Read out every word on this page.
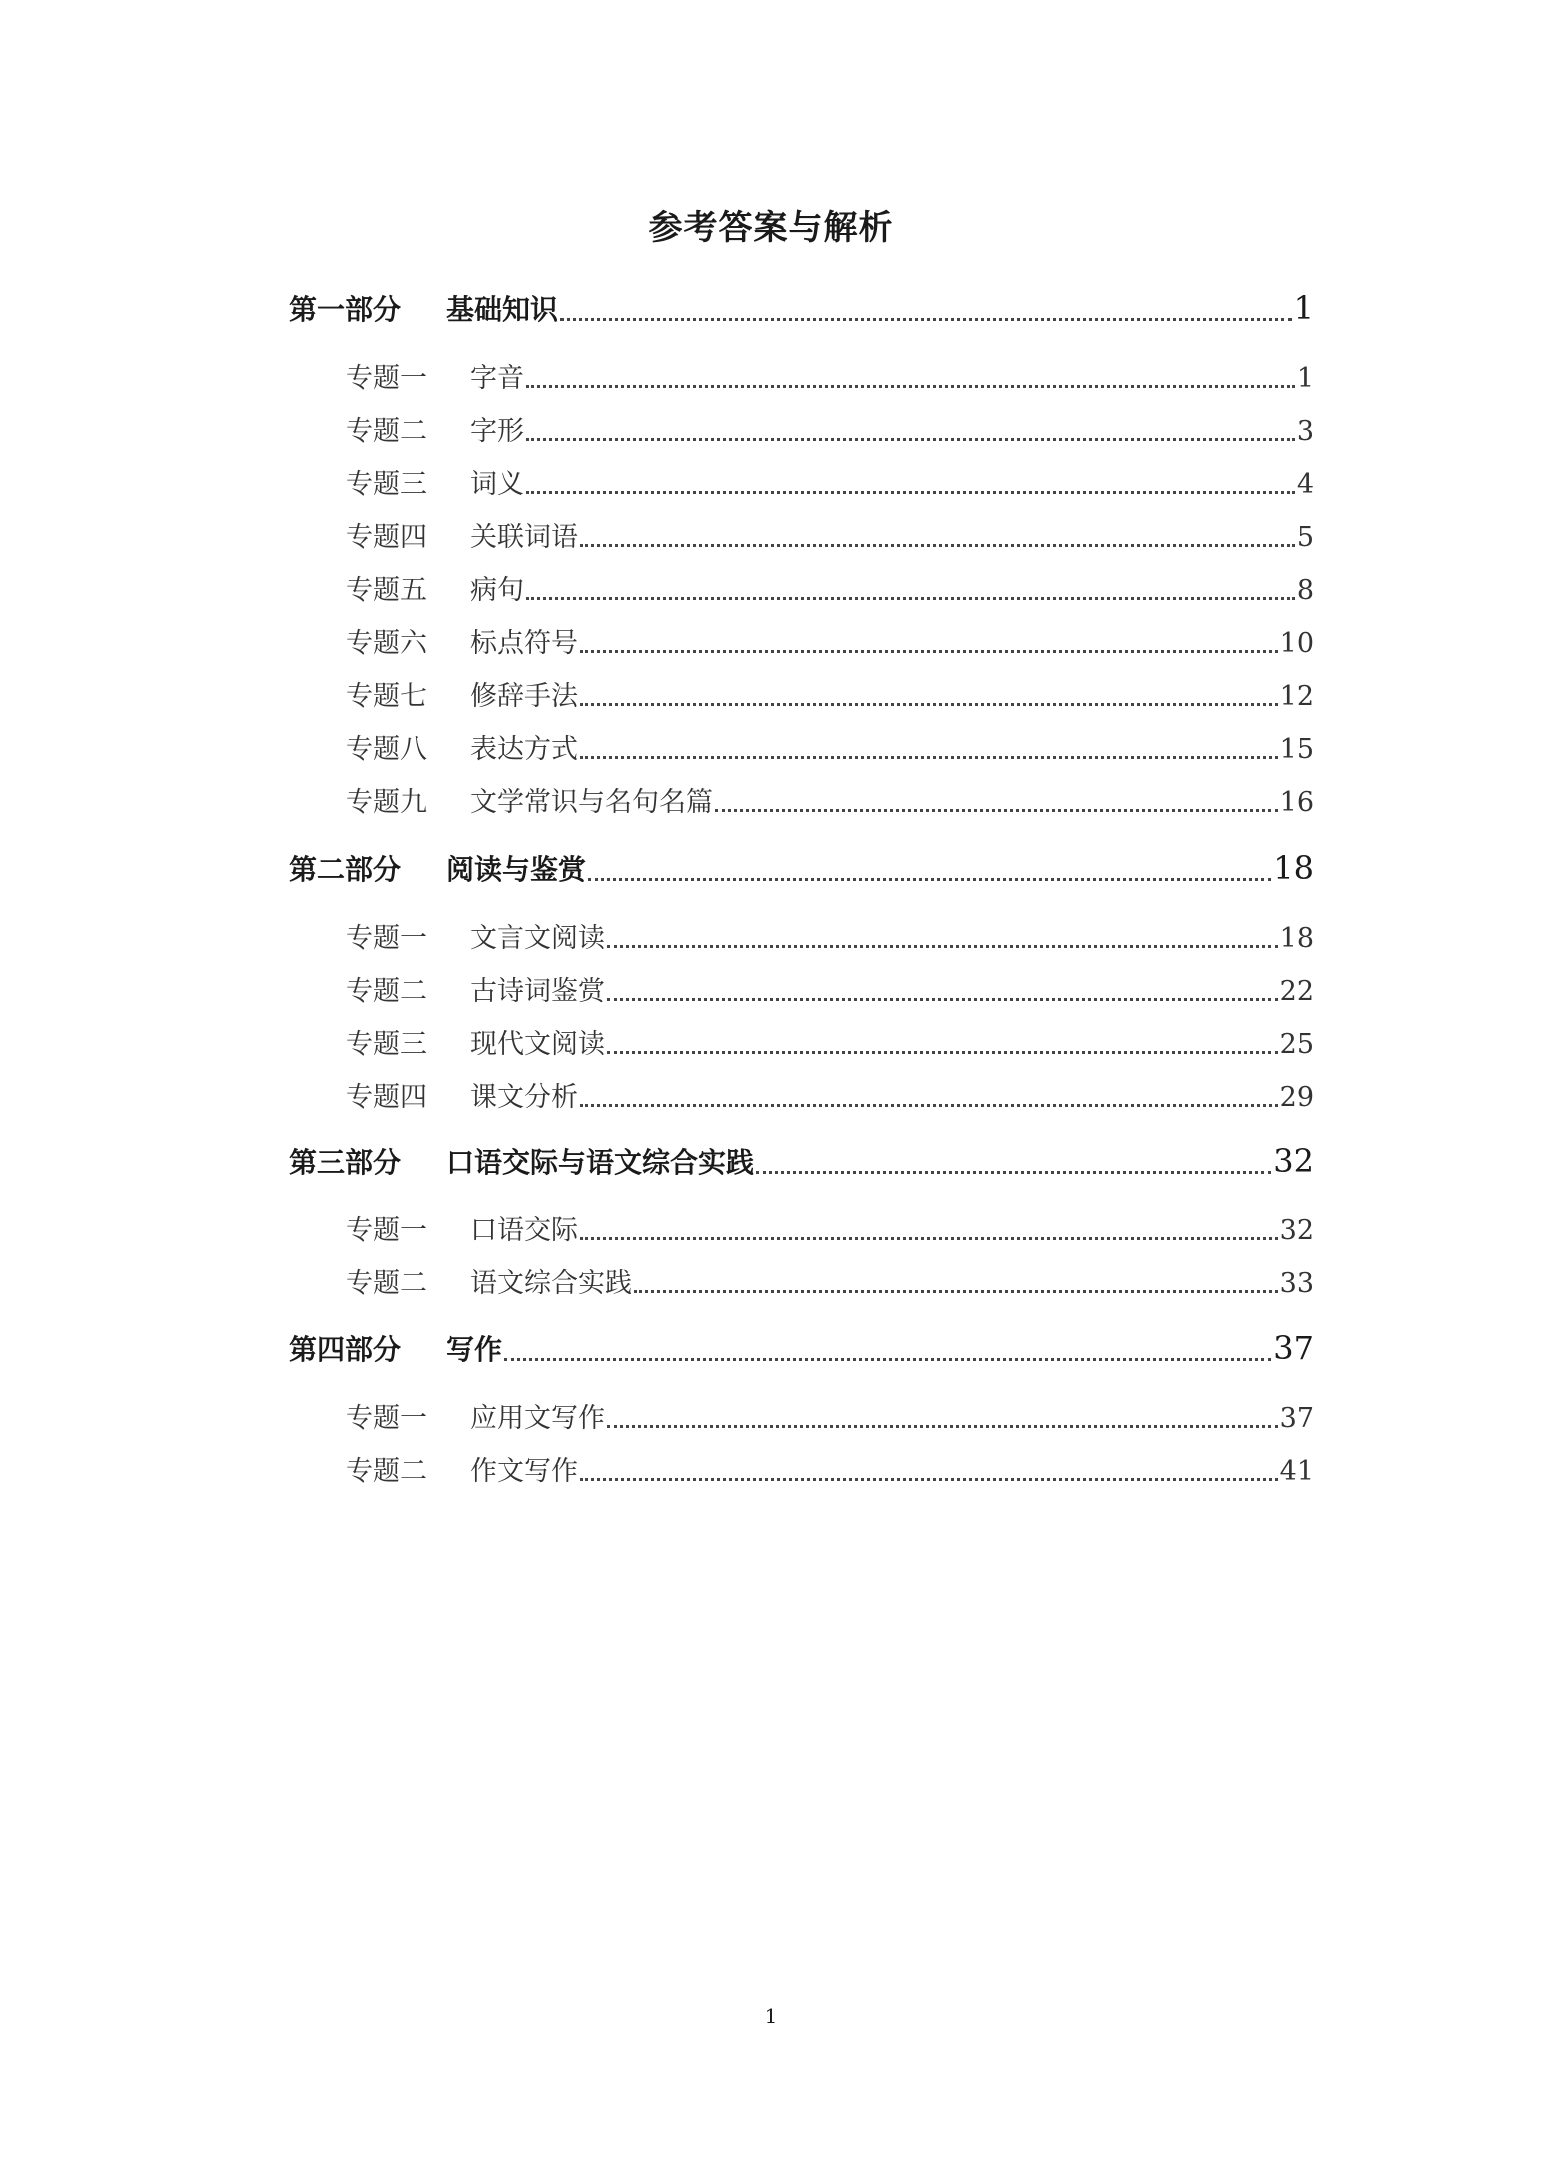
参考答案与解析
第一部分 基础知识	1
专题一 字音	1
专题二 字形	3
专题三 词义	4
专题四 关联词语	5
专题五 病句	8
专题六 标点符号	10
专题七 修辞手法	12
专题八 表达方式	15
专题九 文学常识与名句名篇	16
第二部分 阅读与鉴赏	18
专题一 文言文阅读	18
专题二 古诗词鉴赏	22
专题三 现代文阅读	25
专题四 课文分析	29
第三部分 口语交际与语文综合实践	32
专题一 口语交际	32
专题二 语文综合实践	33
第四部分 写作	37
专题一 应用文写作	37
专题二 作文写作	41
1
